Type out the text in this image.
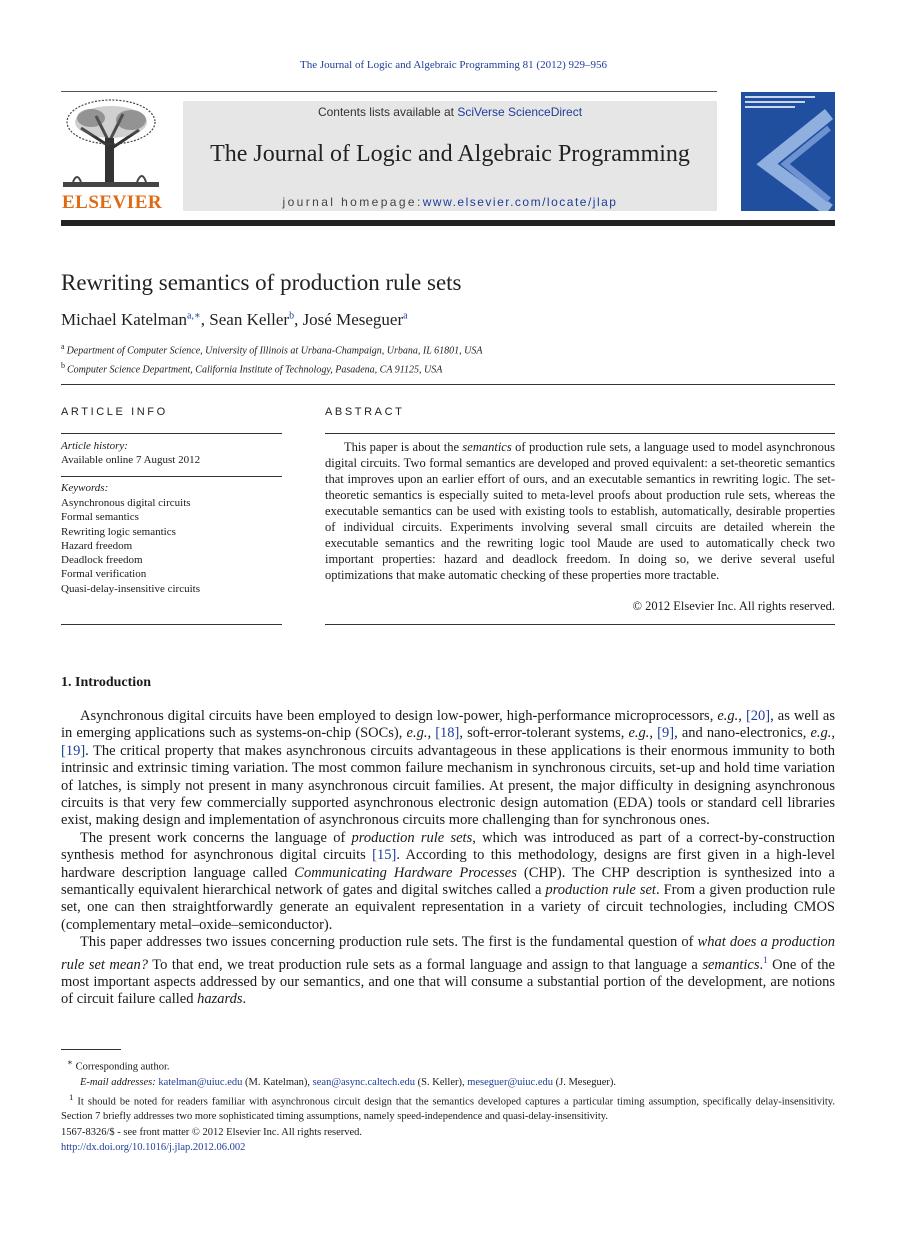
The Journal of Logic and Algebraic Programming 81 (2012) 929–956
ELSEVIER
Contents lists available at SciVerse ScienceDirect
The Journal of Logic and Algebraic Programming
journal homepage:www.elsevier.com/locate/jlap
Rewriting semantics of production rule sets
Michael Katelman$^{a,∗}$, Sean Keller$^b$, José Meseguer$^a$
$^a$ Department of Computer Science, University of Illinois at Urbana-Champaign, Urbana, IL 61801, USA
$^b$ Computer Science Department, California Institute of Technology, Pasadena, CA 91125, USA
ARTICLE INFO	ABSTRACT
Article history:
Available online 7 August 2012
Keywords:
Asynchronous digital circuits
Formal semantics
Rewriting logic semantics
Hazard freedom
Deadlock freedom
Formal verification
Quasi-delay-insensitive circuits

This paper is about the semantics of production rule sets, a language used to model asynchronous digital circuits. Two formal semantics are developed and proved equivalent: a set-theoretic semantics that improves upon an earlier effort of ours, and an executable semantics in rewriting logic. The set-theoretic semantics is especially suited to meta-level proofs about production rule sets, whereas the executable semantics can be used with existing tools to establish, automatically, desirable properties of individual circuits. Experiments involving several small circuits are detailed wherein the executable semantics and the rewriting logic tool Maude are used to automatically check two important properties: hazard and deadlock freedom. In doing so, we derive several useful optimizations that make automatic checking of these properties more tractable.

© 2012 Elsevier Inc. All rights reserved.
1. Introduction

Asynchronous digital circuits have been employed to design low-power, high-performance microprocessors, e.g., [20], as well as in emerging applications such as systems-on-chip (SOCs), e.g., [18], soft-error-tolerant systems, e.g., [9], and nano-electronics, e.g., [19]. The critical property that makes asynchronous circuits advantageous in these applications is their enormous immunity to both intrinsic and extrinsic timing variation. The most common failure mechanism in synchronous circuits, set-up and hold time variation of latches, is simply not present in many asynchronous circuit families. At present, the major difficulty in designing asynchronous circuits is that very few commercially supported asynchronous electronic design automation (EDA) tools or standard cell libraries exist, making design and implementation of asynchronous circuits more challenging than for synchronous ones.

The present work concerns the language of production rule sets, which was introduced as part of a correct-by-construction synthesis method for asynchronous digital circuits [15]. According to this methodology, designs are first given in a high-level hardware description language called Communicating Hardware Processes (CHP). The CHP description is synthesized into a semantically equivalent hierarchical network of gates and digital switches called a production rule set. From a given production rule set, one can then straightforwardly generate an equivalent representation in a variety of circuit technologies, including CMOS (complementary metal–oxide–semiconductor).

This paper addresses two issues concerning production rule sets. The first is the fundamental question of what does a production rule set mean? To that end, we treat production rule sets as a formal language and assign to that language a semantics.$^1$ One of the most important aspects addressed by our semantics, and one that will consume a substantial portion of the development, are notions of circuit failure called hazards.

∗ Corresponding author.
E-mail addresses: katelman@uiuc.edu (M. Katelman), sean@async.caltech.edu (S. Keller), meseguer@uiuc.edu (J. Meseguer).
$^1$ It should be noted for readers familiar with asynchronous circuit design that the semantics developed captures a particular timing assumption, specifically delay-insensitivity. Section 7 briefly addresses two more sophisticated timing assumptions, namely speed-independence and quasi-delay-insensitivity.
1567-8326/$ - see front matter © 2012 Elsevier Inc. All rights reserved.
http://dx.doi.org/10.1016/j.jlap.2012.06.002
